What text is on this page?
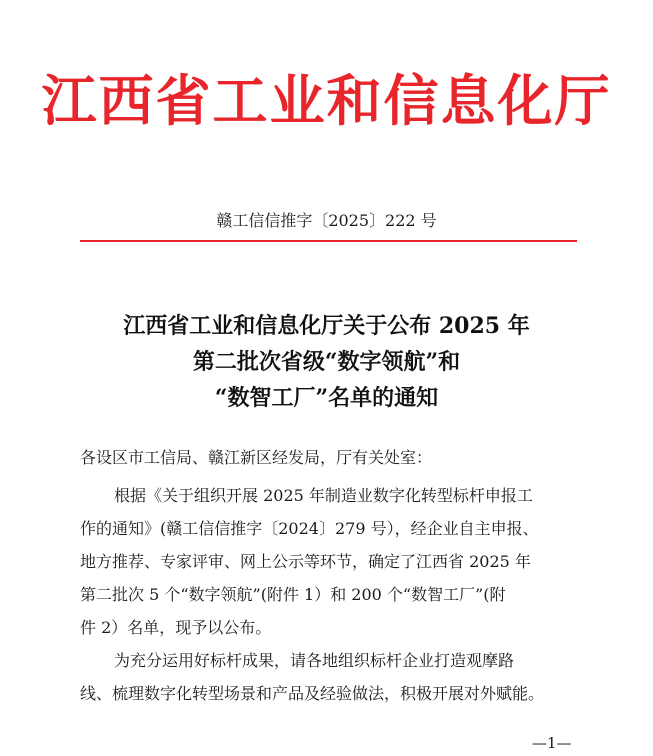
江西省工业和信息化厅
赣工信信推字〔2025〕222 号
江西省工业和信息化厅关于公布 2025 年
第二批次省级“数字领航”和
“数智工厂”名单的通知
各设区市工信局、赣江新区经发局，厅有关处室：
根据《关于组织开展 2025 年制造业数字化转型标杆申报工
作的通知》(赣工信信推字〔2024〕279 号），经企业自主申报、
地方推荐、专家评审、网上公示等环节，确定了江西省 2025 年
第二批次 5 个“数字领航”(附件 1）和 200 个“数智工厂”(附
件 2）名单，现予以公布。
为充分运用好标杆成果，请各地组织标杆企业打造观摩路
线、梳理数字化转型场景和产品及经验做法，积极开展对外赋能。
—1—
